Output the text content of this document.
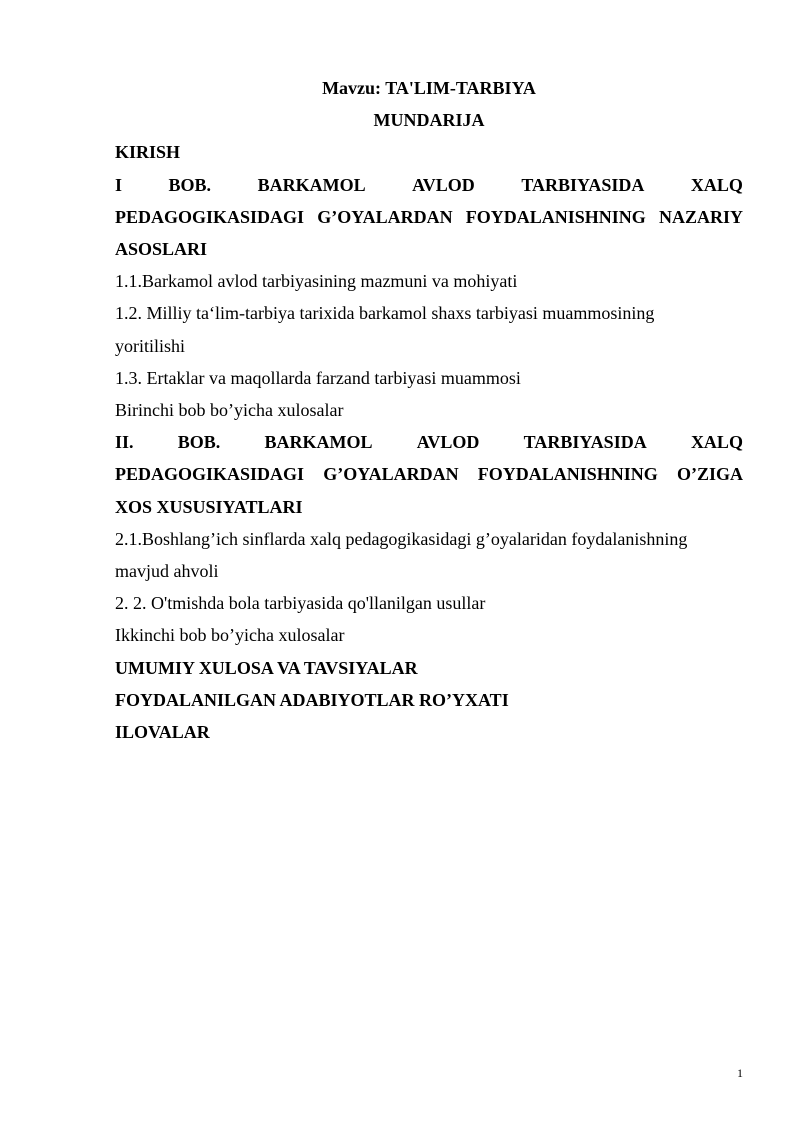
Mavzu: TA'LIM-TARBIYA
MUNDARIJA
KIRISH
I	BOB.	BARKAMOL	AVLOD	TARBIYASIDA	XALQ
PEDAGOGIKASIDAGI G’OYALARDAN FOYDALANISHNING NAZARIY
ASOSLARI
1.1.Barkamol avlod tarbiyasining mazmuni va mohiyati
1.2. Milliy ta‘lim-tarbiya tarixida barkamol shaxs tarbiyasi muammosining
yoritilishi
1.3. Ertaklar va maqollarda farzand tarbiyasi muammosi
Birinchi bob bo’yicha xulosalar
II. BOB. BARKAMOL AVLOD TARBIYASIDA XALQ
PEDAGOGIKASIDAGI G’OYALARDAN FOYDALANISHNING O’ZIGA
XOS XUSUSIYATLARI
2.1.Boshlang’ich sinflarda xalq pedagogikasidagi g’oyalaridan foydalanishning
mavjud ahvoli
2. 2. O'tmishda bola tarbiyasida qo'llanilgan usullar
Ikkinchi bob bo’yicha xulosalar
UMUMIY XULOSA VA TAVSIYALAR
FOYDALANILGAN ADABIYOTLAR RO’YXATI
ILOVALAR
1
